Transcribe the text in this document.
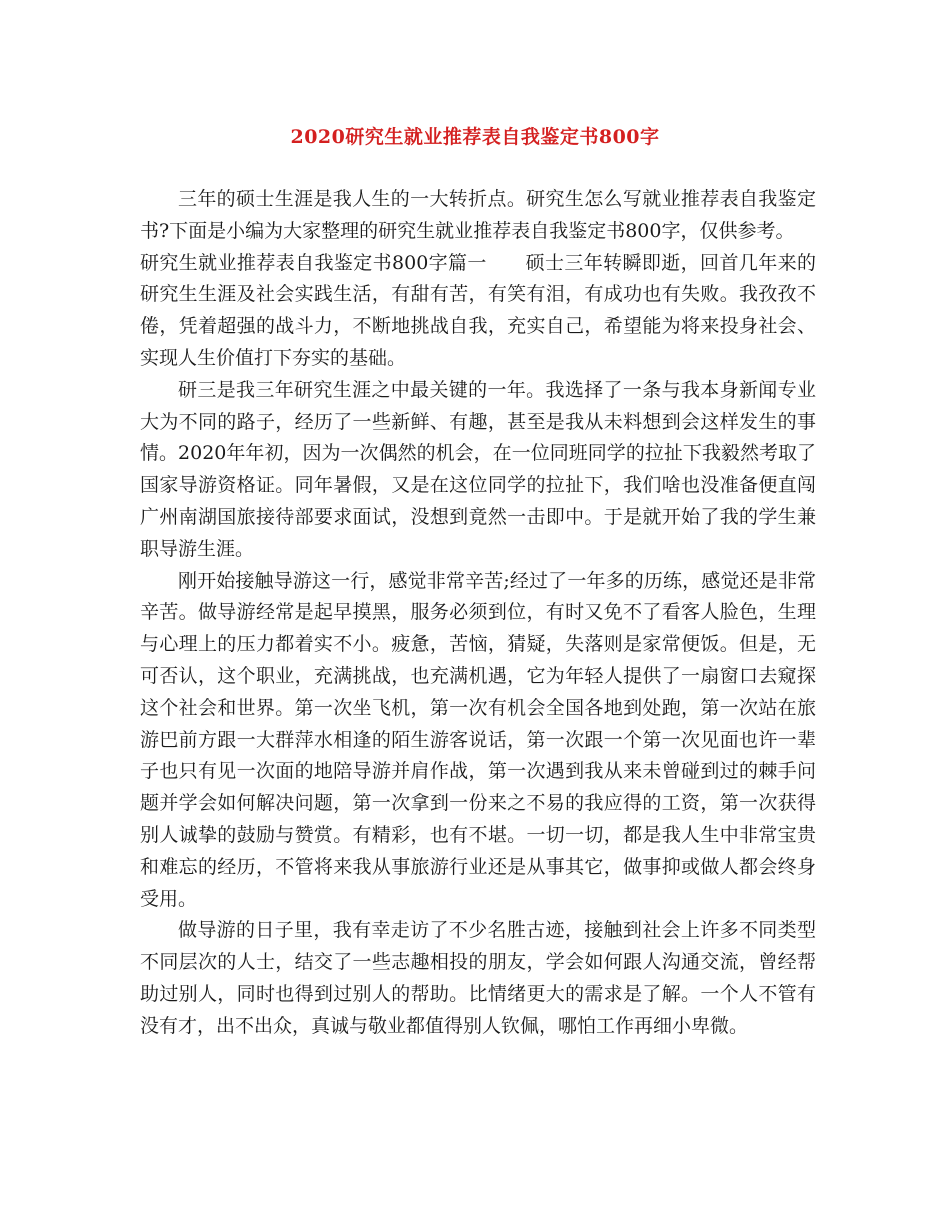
2020研究生就业推荐表自我鉴定书800字

三年的硕士生涯是我人生的一大转折点。研究生怎么写就业推荐表自我鉴定书?下面是小编为大家整理的研究生就业推荐表自我鉴定书800字，仅供参考。

研究生就业推荐表自我鉴定书800字篇一　　硕士三年转瞬即逝，回首几年来的研究生生涯及社会实践生活，有甜有苦，有笑有泪，有成功也有失败。我孜孜不倦，凭着超强的战斗力，不断地挑战自我，充实自己，希望能为将来投身社会、实现人生价值打下夯实的基础。

研三是我三年研究生涯之中最关键的一年。我选择了一条与我本身新闻专业大为不同的路子，经历了一些新鲜、有趣，甚至是我从未料想到会这样发生的事情。2020年年初，因为一次偶然的机会，在一位同班同学的拉扯下我毅然考取了国家导游资格证。同年暑假，又是在这位同学的拉扯下，我们啥也没准备便直闯广州南湖国旅接待部要求面试，没想到竟然一击即中。于是就开始了我的学生兼职导游生涯。

刚开始接触导游这一行，感觉非常辛苦;经过了一年多的历练，感觉还是非常辛苦。做导游经常是起早摸黑，服务必须到位，有时又免不了看客人脸色，生理与心理上的压力都着实不小。疲惫，苦恼，猜疑，失落则是家常便饭。但是，无可否认，这个职业，充满挑战，也充满机遇，它为年轻人提供了一扇窗口去窥探这个社会和世界。第一次坐飞机，第一次有机会全国各地到处跑，第一次站在旅游巴前方跟一大群萍水相逢的陌生游客说话，第一次跟一个第一次见面也许一辈子也只有见一次面的地陪导游并肩作战，第一次遇到我从来未曾碰到过的棘手问题并学会如何解决问题，第一次拿到一份来之不易的我应得的工资，第一次获得别人诚挚的鼓励与赞赏。有精彩，也有不堪。一切一切，都是我人生中非常宝贵和难忘的经历，不管将来我从事旅游行业还是从事其它，做事抑或做人都会终身受用。

做导游的日子里，我有幸走访了不少名胜古迹，接触到社会上许多不同类型不同层次的人士，结交了一些志趣相投的朋友，学会如何跟人沟通交流，曾经帮助过别人，同时也得到过别人的帮助。比情绪更大的需求是了解。一个人不管有没有才，出不出众，真诚与敬业都值得别人钦佩，哪怕工作再细小卑微。
